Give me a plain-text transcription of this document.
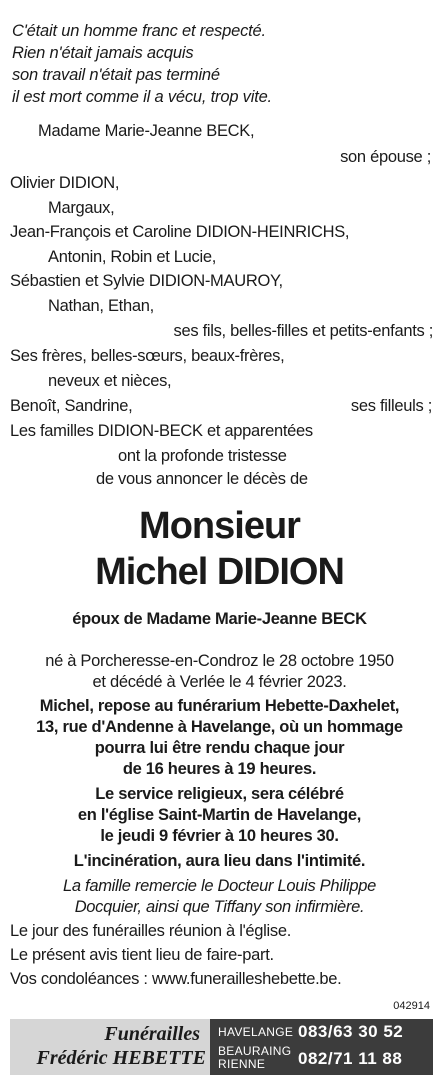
C'était un homme franc et respecté.
Rien n'était jamais acquis
son travail n'était pas terminé
il est mort comme il a vécu, trop vite.
Madame Marie-Jeanne BECK,
son épouse ;
Olivier DIDION,
Margaux,
Jean-François et Caroline DIDION-HEINRICHS,
Antonin, Robin et Lucie,
Sébastien et Sylvie DIDION-MAUROY,
Nathan, Ethan,
ses fils, belles-filles et petits-enfants ;
Ses frères, belles-sœurs, beaux-frères,
neveux et nièces,
Benoît, Sandrine,	ses filleuls ;
Les familles DIDION-BECK et apparentées
ont la profonde tristesse
de vous annoncer le décès de
Monsieur
Michel DIDION
époux de Madame Marie-Jeanne BECK
né à Porcheresse-en-Condroz le 28 octobre 1950
et décédé à Verlée le 4 février 2023.
Michel, repose au funérarium Hebette-Daxhelet,
13, rue d'Andenne à Havelange, où un hommage
pourra lui être rendu chaque jour
de 16 heures à 19 heures.
Le service religieux, sera célébré
en l'église Saint-Martin de Havelange,
le jeudi 9 février à 10 heures 30.
L'incinération, aura lieu dans l'intimité.
La famille remercie le Docteur Louis Philippe
Docquier, ainsi que Tiffany son infirmière.
Le jour des funérailles réunion à l'église.
Le présent avis tient lieu de faire-part.
Vos condoléances : www.funerailleshebette.be.
042914
Funérailles
Frédéric HEBETTE
HAVELANGE 083/63 30 52
BEAURAING
RIENNE 082/71 11 88
